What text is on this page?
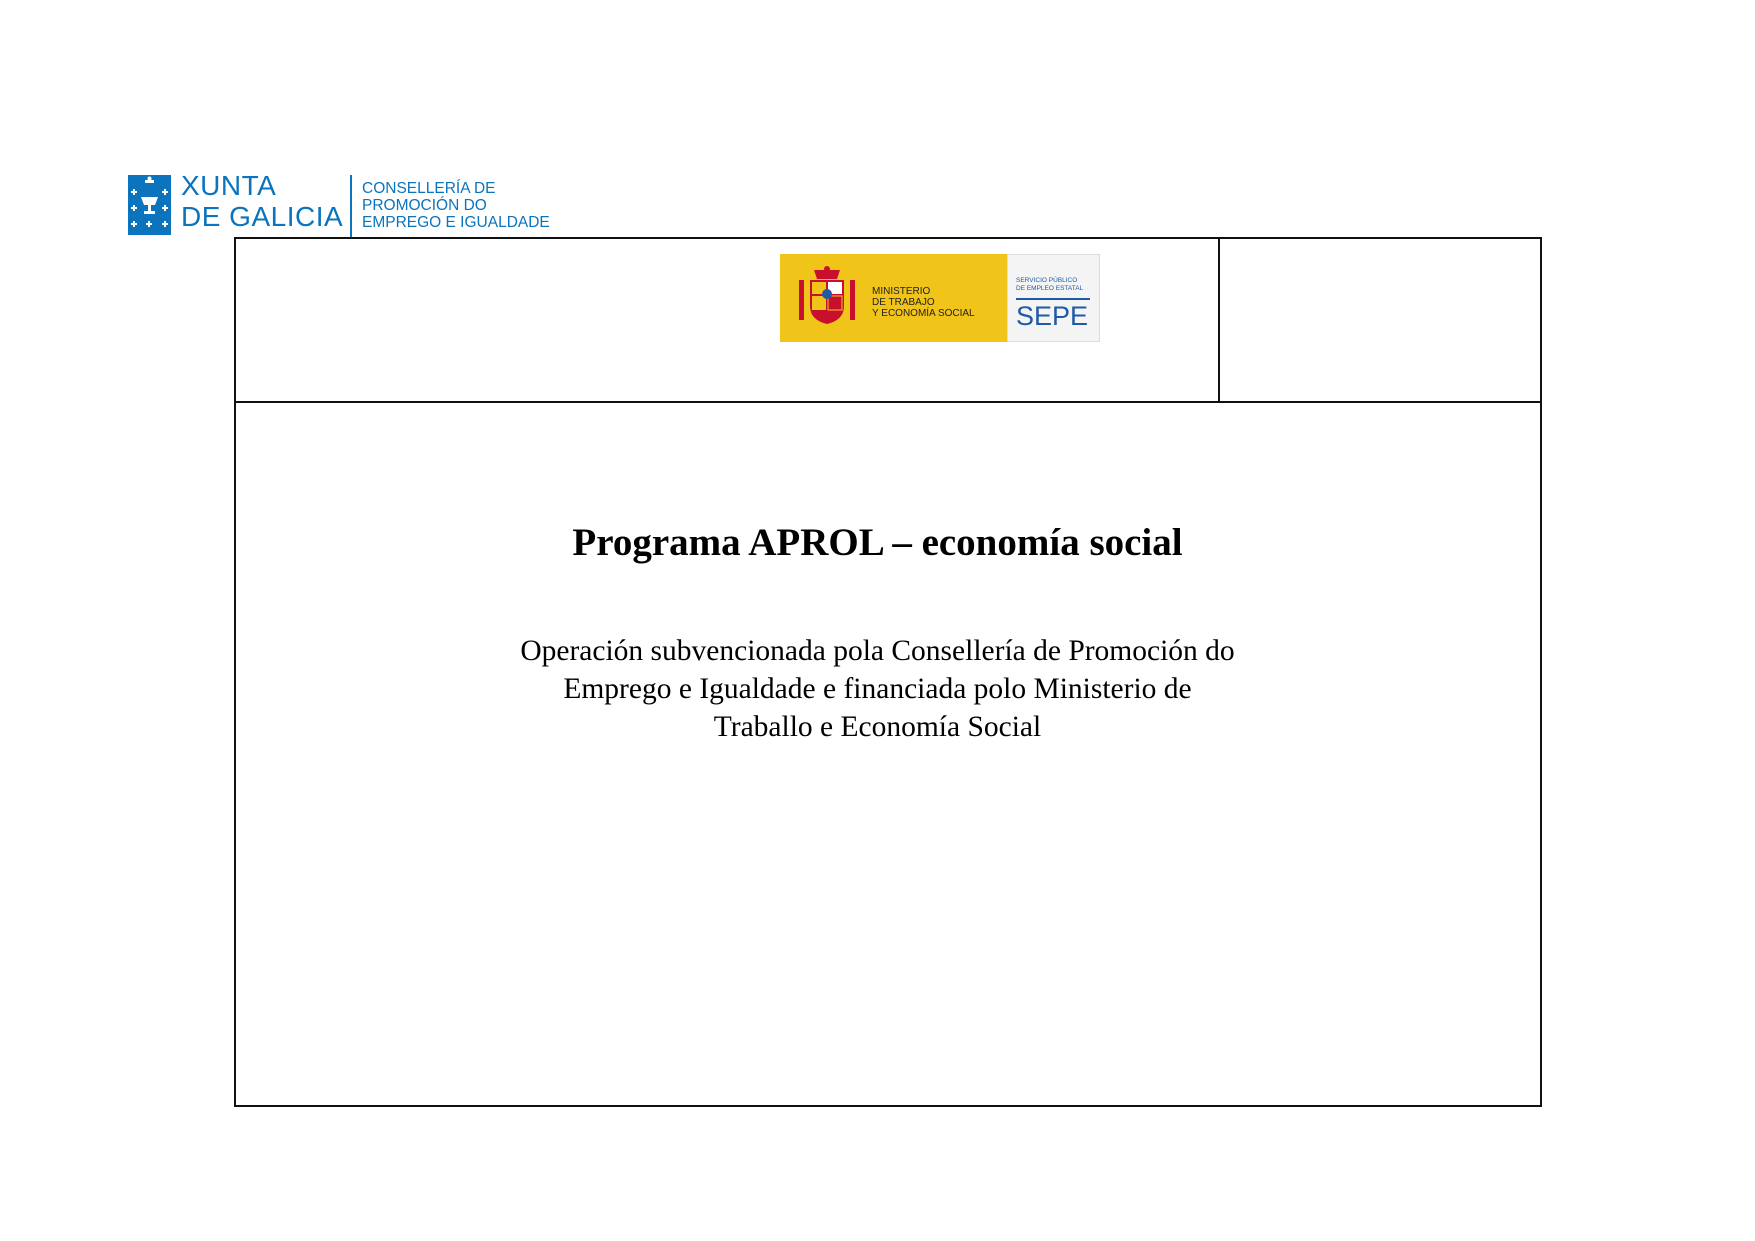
XUNTA
DE GALICIA
CONSELLERÍA DE
PROMOCIÓN DO
EMPREGO E IGUALDADE
MINISTERIO
DE TRABAJO
Y ECONOMÍA SOCIAL
SERVICIO PÚBLICO
DE EMPLEO ESTATAL
SEPE
Programa APROL – economía social
Operación subvencionada pola Consellería de Promoción do
Emprego e Igualdade e financiada polo Ministerio de
Traballo e Economía Social
